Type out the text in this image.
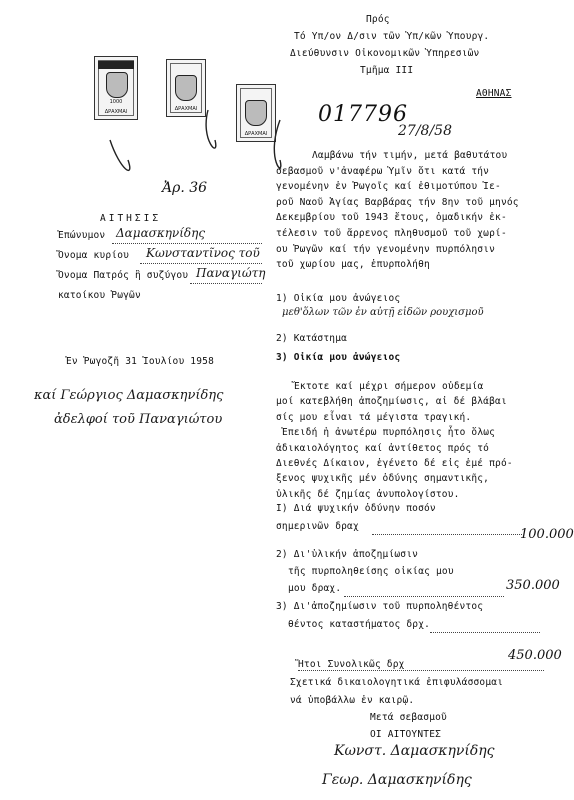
Πρός
Τό Υπ/ον Δ/σιν τῶν Ὑπ/κῶν Ὑπουργ.
Διεύθυνσιν Οἰκονομικῶν Ὑπηρεσιῶν
Τμῆμα III
ΑΘΗΝΑΣ
017796
27/8/58
1000
ΔΡΑΧΜΑΙ	ΔΡΑΧΜΑΙ
ΔΡΑΧΜΑΙ
Ἀρ. 36
ΑΙΤΗΣΙΣ
Ἐπώνυμον Δαμασκηνίδης
Ὄνομα κυρίου Κωνσταντῖνος τοῦ
Ὄνομα Πατρός ἢ συζύγου Παναγιώτη
κατοίκου Ῥωγῶν
Ἐν Ῥωγοζῆ 31 Ἰουλίου 1958
καί Γεώργιος Δαμασκηνίδης
ἀδελφοί τοῦ Παναγιώτου
Λαμβάνω τήν τιμήν, μετά βαθυτάτου
σεβασμοῦ ν'ἀναφέρω Ὑμῖν ὅτι κατά τήν
γενομένην ἐν Ῥωγοῖς καί ἐθιμοτύπου Ἱε-
ροῦ Ναοῦ Ἁγίας Βαρβάρας τήν 8ην τοῦ μηνός
Δεκεμβρίου τοῦ 1943 ἔτους, ὁμαδικήν ἐκ-
τέλεσιν τοῦ ἄρρενος πληθυσμοῦ τοῦ χωρί-
ου Ῥωγῶν καί τήν γενομένην πυρπόλησιν
τοῦ χωρίου μας, ἐπυρπολήθη
1) Οἰκία μου ἀνώγειος
μεθ'ὅλων τῶν ἐν αὐτῇ εἰδῶν ρουχισμοῦ
2) Κατάστημα
3) Οἰκία μου ἀνώγειος
Ἔκτοτε καί μέχρι σήμερον οὐδεμία
μοί κατεβλήθη ἀποζημίωσις, αἱ δέ βλάβαι
σίς μου εἶναι τά μέγιστα τραγική.
Ἐπειδή ἡ ἀνωτέρω πυρπόλησις ἦτο ὅλως
ἀδικαιολόγητος καί ἀντίθετος πρός τό
Διεθνές Δίκαιον, ἐγένετο δέ εἰς ἐμέ πρό-
ξενος ψυχικῆς μέν ὀδύνης σημαντικῆς,
ὑλικῆς δέ ζημίας ἀνυπολογίστου.
Ι) Διά ψυχικήν ὀδύνην ποσόν
σημερινῶν δραχ
100.000
2) Δι'ὑλικήν ἀποζημίωσιν
τῆς πυρποληθείσης οἰκίας μου
μου δραχ.	350.000
3) Δι'ἀποζημίωσιν τοῦ πυρποληθέντος
θέντος καταστήματος δρχ.
Ἤτοι Συνολικῶς δρχ
450.000
Σχετικά δικαιολογητικά ἐπιφυλάσσομαι
νά ὑποβάλλω ἐν καιρῷ.
Μετά σεβασμοῦ
ΟΙ ΑΙΤΟΥΝΤΕΣ
Κωνστ. Δαμασκηνίδης
Γεωρ. Δαμασκηνίδης
